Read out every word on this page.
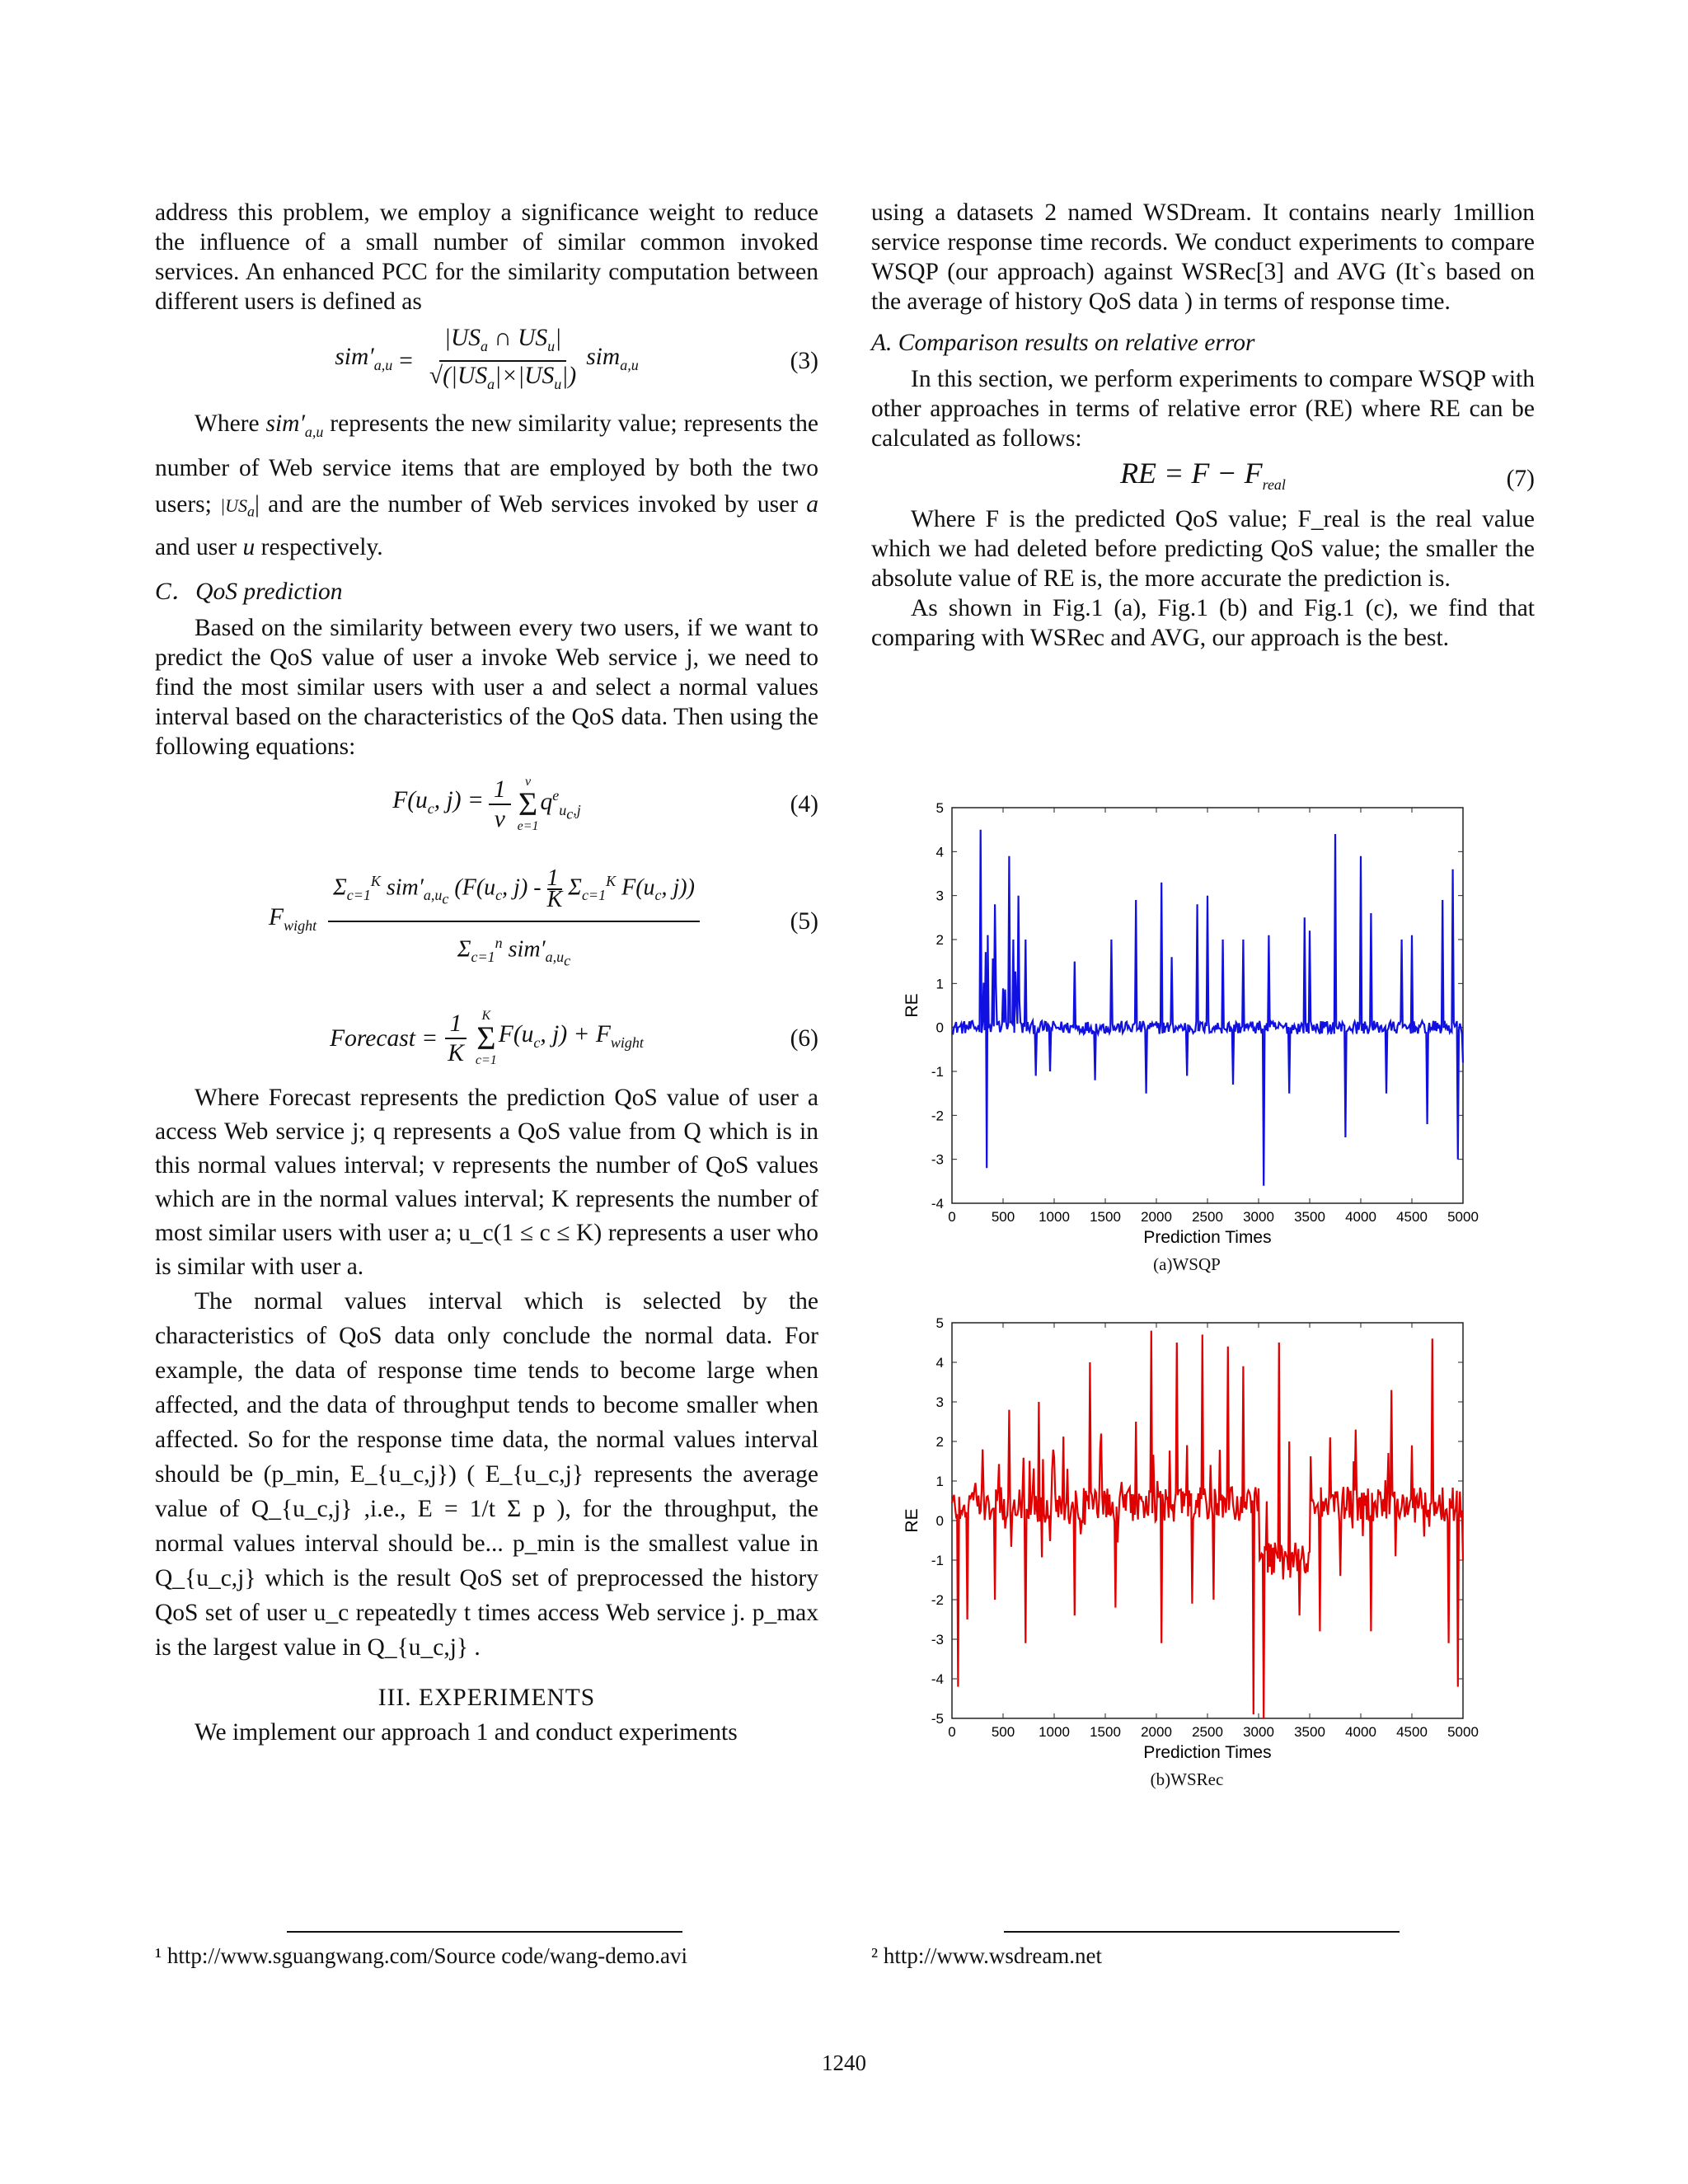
address this problem, we employ a significance weight to reduce the influence of a small number of similar common invoked services. An enhanced PCC for the similarity computation between different users is defined as

$sim'_{a,u} = \frac{|US_a \cap US_u|}{√(|US_a|\times|US_u|)} sim_{a,u}$	(3)

Where $sim'_{a,u}$ represents the new similarity value; represents the number of Web service items that are employed by both the two users; $|US_a|$ and are the number of Web services invoked by user a and user u respectively.

C．QoS prediction

Based on the similarity between every two users, if we want to predict the QoS value of user a invoke Web service j, we need to find the most similar users with user a and select a normal values interval based on the characteristics of the QoS data. Then using the following equations:

$F(u_c$, $j) = \frac{1}{v}$ v
Σ
e=1
$q^e_{u_c,j}$	(4)
$F_{wight} \frac{\Sigma_{c=1}^K sim'_{a,u_c} (F(u_c, j) - \frac{1}{K} \Sigma_{c=1}^K F(u_c, j))}{\Sigma_{c=1}^n sim'_{a,u_c}}$	(5)
Forecast = $\frac{1}{K}$ K
Σ
c=1
$F(u_c$, $j) + F_{wight}$	(6)

Where Forecast represents the prediction QoS value of user a access Web service j; q represents a QoS value from Q which is in this normal values interval; v represents the number of QoS values which are in the normal values interval; K represents the number of most similar users with user a; u_c(1 ≤ c ≤ K) represents a user who is similar with user a.

The normal values interval which is selected by the characteristics of QoS data only conclude the normal data. For example, the data of response time tends to become large when affected, and the data of throughput tends to become smaller when affected. So for the response time data, the normal values interval should be (p_min, E_{u_c,j}) ( E_{u_c,j} represents the average value of Q_{u_c,j} ,i.e., E = 1/t Σ p ), for the throughput, the normal values interval should be... p_min is the smallest value in Q_{u_c,j} which is the result QoS set of preprocessed the history QoS set of user u_c repeatedly t times access Web service j. p_max is the largest value in Q_{u_c,j} .

III. EXPERIMENTS

We implement our approach 1 and conduct experiments

using a datasets 2 named WSDream. It contains nearly 1million service response time records. We conduct experiments to compare WSQP (our approach) against WSRec[3] and AVG (It`s based on the average of history QoS data ) in terms of response time.

A. Comparison results on relative error

In this section, we perform experiments to compare WSQP with other approaches in terms of relative error (RE) where RE can be calculated as follows:

RE = $F - F_{real}$	(7)

Where F is the predicted QoS value; F_real is the real value which we had deleted before predicting QoS value; the smaller the absolute value of RE is, the more accurate the prediction is.

As shown in Fig.1 (a), Fig.1 (b) and Fig.1 (c), we find that comparing with WSRec and AVG, our approach is the best.

0	500 1000 1500 2000 2500 3000 3500 4000 4500 5000
-4
-3
-2
-1
0
1
2
3
4
5
Prediction Times
RE
(a)WSQP
0	500 1000 1500 2000 2500 3000 3500 4000 4500 5000
-5
-4
-3
-2
-1
0
1
2
3
4
5
Prediction Times
RE
(b)WSRec
¹ http://www.sguangwang.com/Source code/wang-demo.avi	² http://www.wsdream.net
1240
